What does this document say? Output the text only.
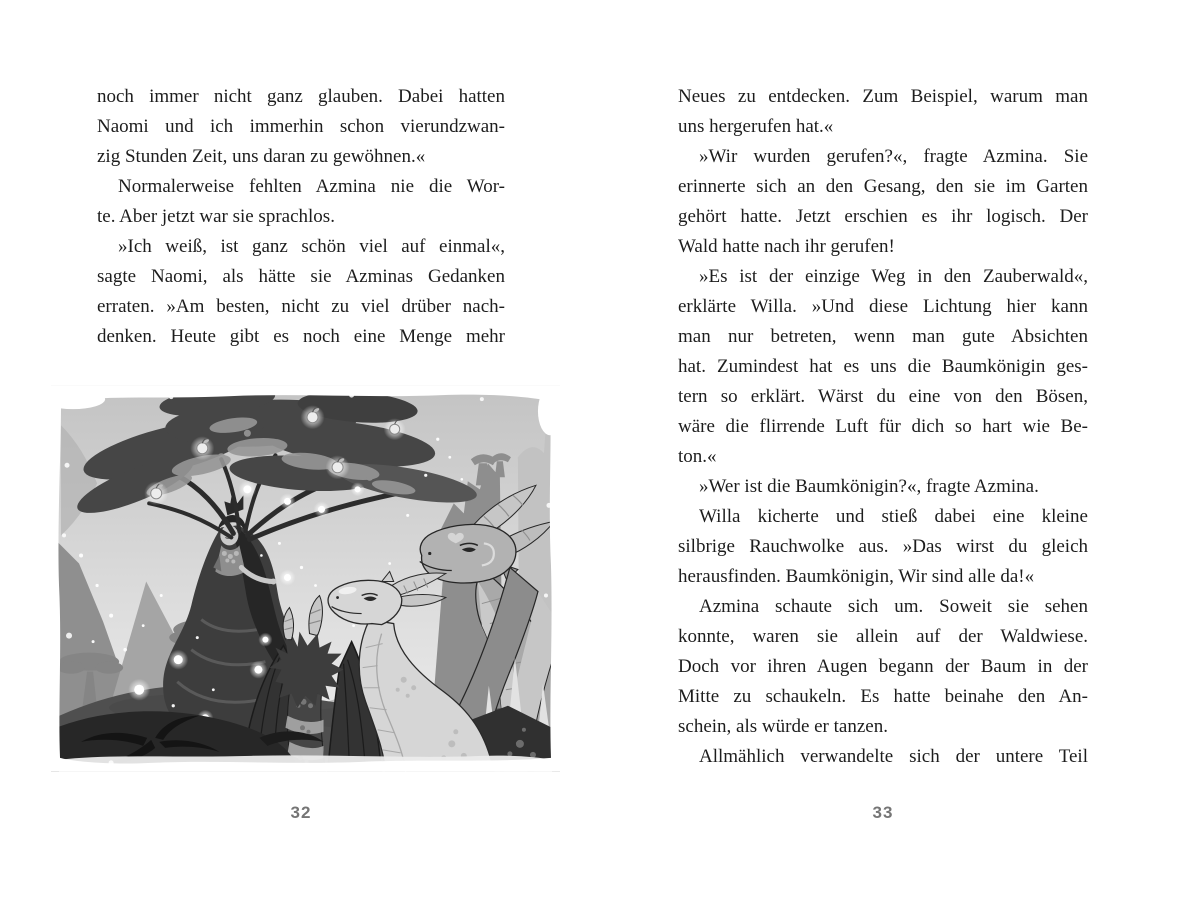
noch immer nicht ganz glauben. Dabei hatten
Naomi und ich immerhin schon vierundzwan-
zig Stunden Zeit, uns daran zu gewöhnen.«
Normalerweise fehlten Azmina nie die Wor-
te. Aber jetzt war sie sprachlos.
»Ich weiß, ist ganz schön viel auf einmal«,
sagte Naomi, als hätte sie Azminas Gedanken
erraten. »Am besten, nicht zu viel drüber nach-
denken. Heute gibt es noch eine Menge mehr
Neues zu entdecken. Zum Beispiel, warum man
uns hergerufen hat.«
»Wir wurden gerufen?«, fragte Azmina. Sie
erinnerte sich an den Gesang, den sie im Garten
gehört hatte. Jetzt erschien es ihr logisch. Der
Wald hatte nach ihr gerufen!
»Es ist der einzige Weg in den Zauberwald«,
erklärte Willa. »Und diese Lichtung hier kann
man nur betreten, wenn man gute Absichten
hat. Zumindest hat es uns die Baumkönigin ges-
tern so erklärt. Wärst du eine von den Bösen,
wäre die flirrende Luft für dich so hart wie Be-
ton.«
»Wer ist die Baumkönigin?«, fragte Azmina.
Willa kicherte und stieß dabei eine kleine
silbrige Rauchwolke aus. »Das wirst du gleich
herausfinden. Baumkönigin, Wir sind alle da!«
Azmina schaute sich um. Soweit sie sehen
konnte, waren sie allein auf der Waldwiese.
Doch vor ihren Augen begann der Baum in der
Mitte zu schaukeln. Es hatte beinahe den An-
schein, als würde er tanzen.
Allmählich verwandelte sich der untere Teil
32	33
